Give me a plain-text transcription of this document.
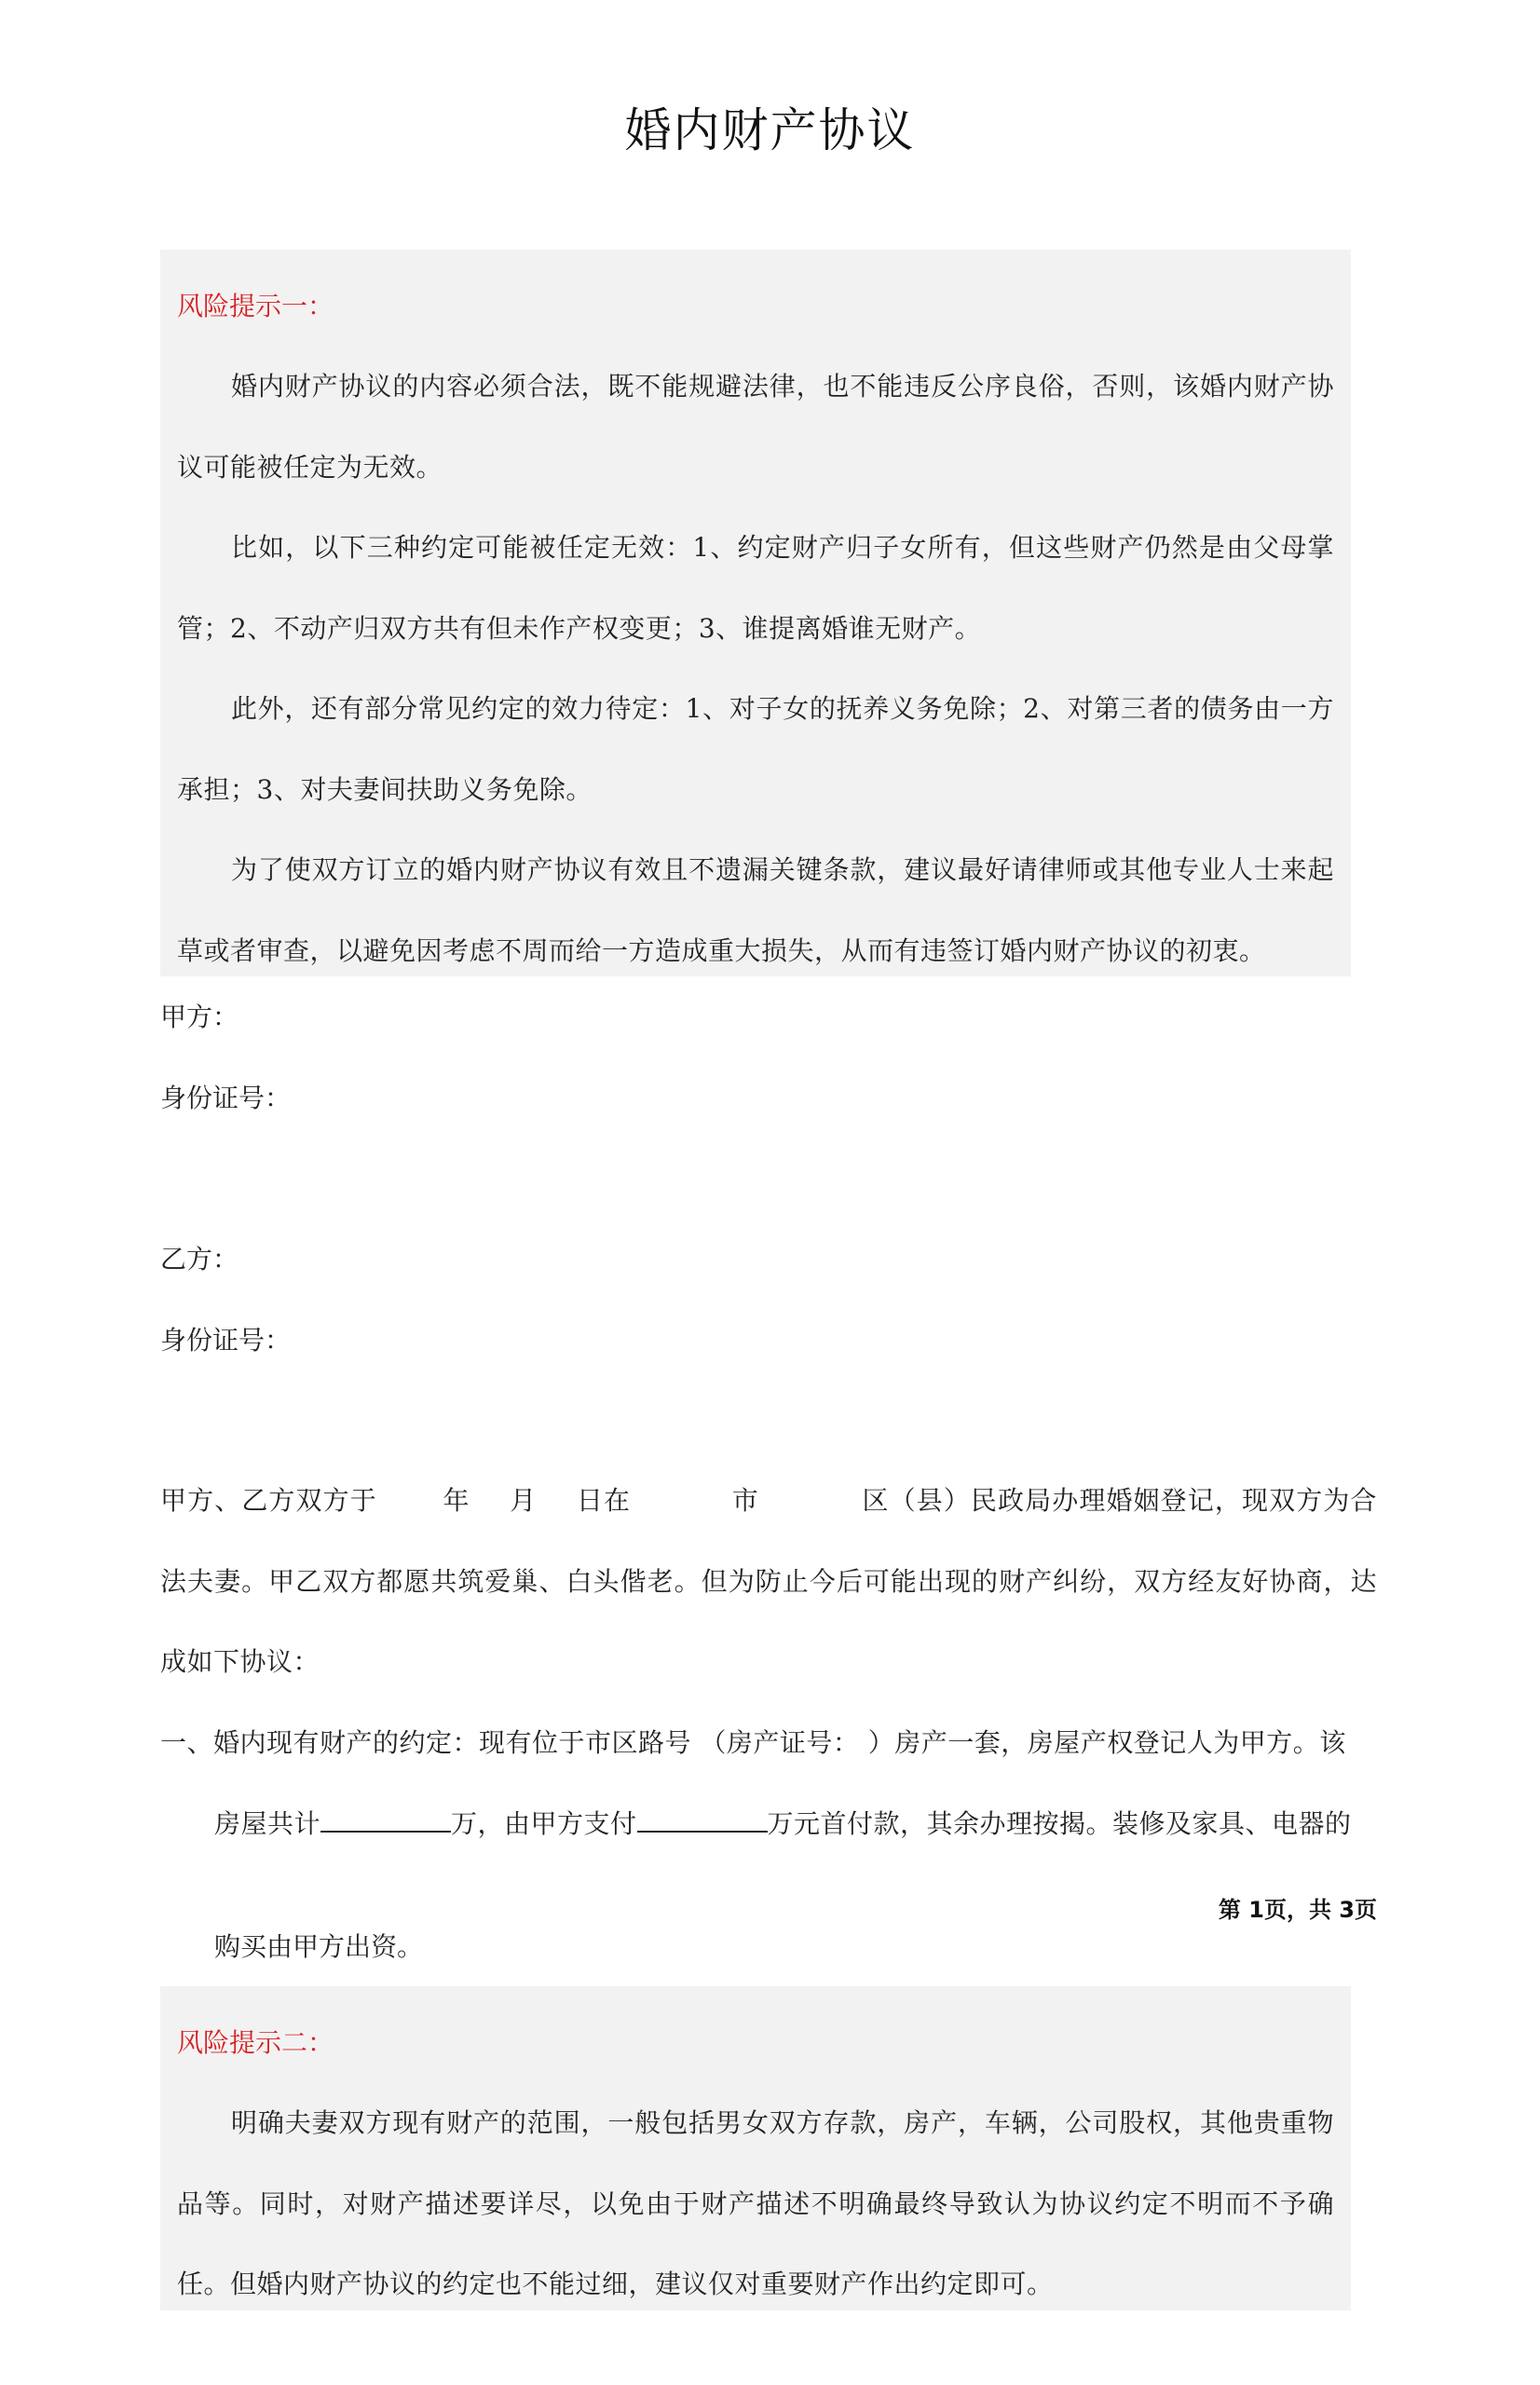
婚内财产协议
风险提示一：
婚内财产协议的内容必须合法，既不能规避法律，也不能违反公序良俗，否则，该婚内财产协议可能被任定为无效。
比如，以下三种约定可能被任定无效：1、约定财产归子女所有，但这些财产仍然是由父母掌管；2、不动产归双方共有但未作产权变更；3、谁提离婚谁无财产。
此外，还有部分常见约定的效力待定：1、对子女的抚养义务免除；2、对第三者的债务由一方承担；3、对夫妻间扶助义务免除。
为了使双方订立的婚内财产协议有效且不遗漏关键条款，建议最好请律师或其他专业人士来起草或者审查，以避免因考虑不周而给一方造成重大损失，从而有违签订婚内财产协议的初衷。
甲方：
身份证号：
乙方：
身份证号：
甲方、乙方双方于	年 月 日在	市	区（县）民政局办理婚姻登记，现双方为合法夫妻。甲乙双方都愿共筑爱巢、白头偕老。但为防止今后可能出现的财产纠纷，双方经友好协商，达成如下协议：
一、婚内现有财产的约定：现有位于市区路号 （房产证号： ）房产一套，房屋产权登记人为甲方。该
房屋共计	万，由甲方支付	万元首付款，其余办理按揭。装修及家具、电器的
第 1页，共 3页
购买由甲方出资。
风险提示二：
明确夫妻双方现有财产的范围，一般包括男女双方存款，房产，车辆，公司股权，其他贵重物品等。同时，对财产描述要详尽，以免由于财产描述不明确最终导致认为协议约定不明而不予确任。但婚内财产协议的约定也不能过细，建议仅对重要财产作出约定即可。
